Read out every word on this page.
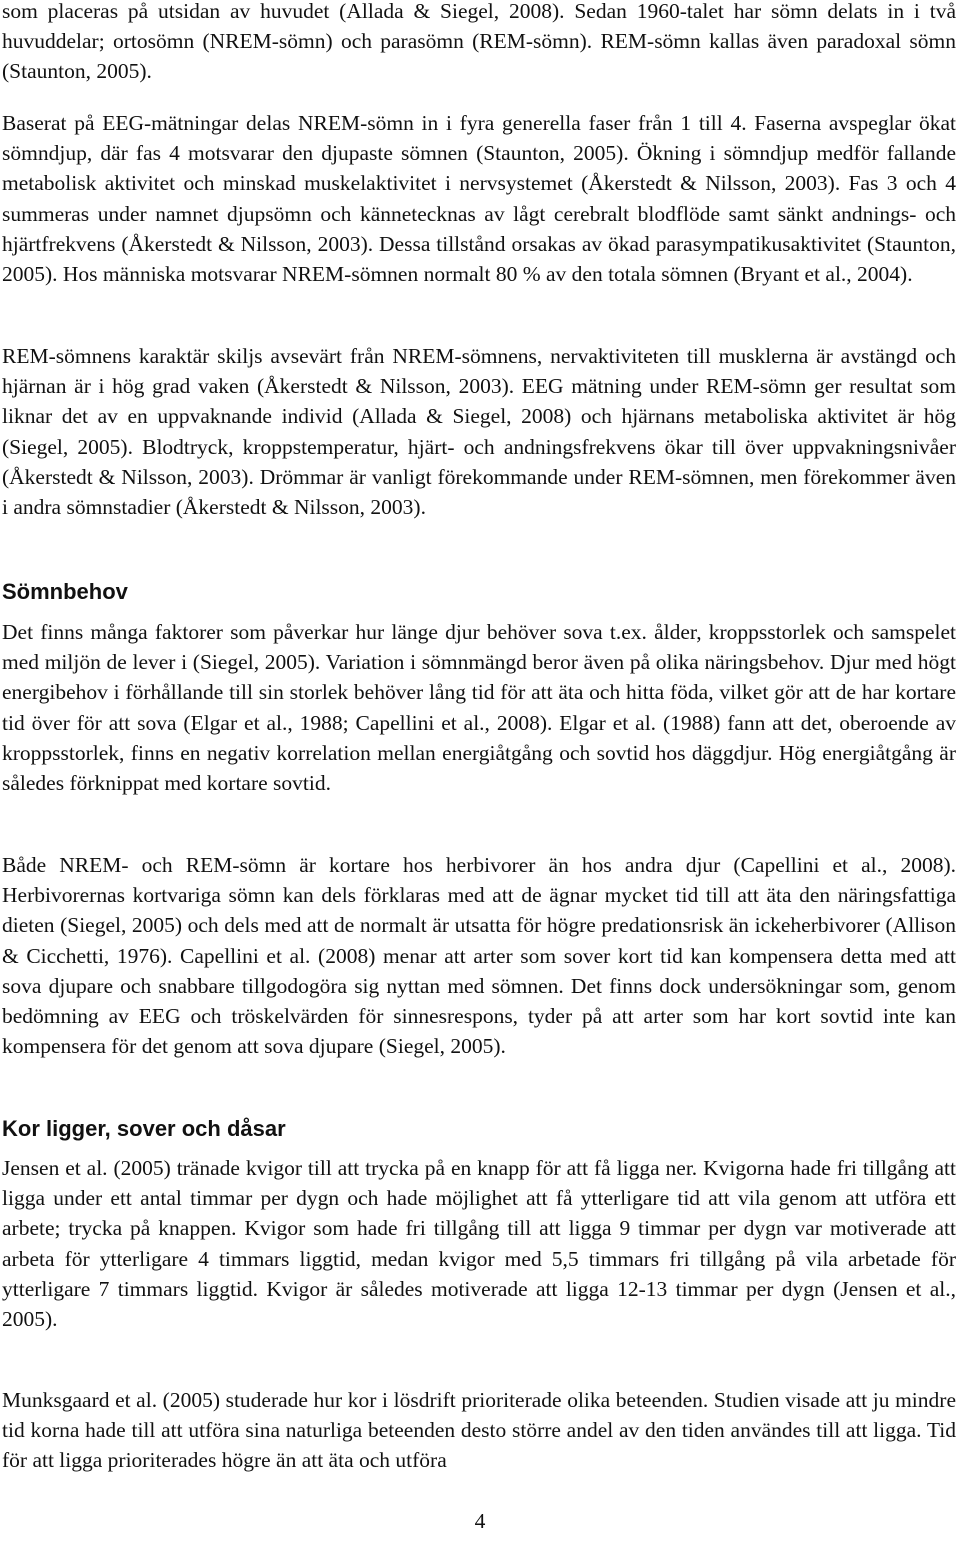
som placeras på utsidan av huvudet (Allada & Siegel, 2008). Sedan 1960-talet har sömn delats in i två huvuddelar; ortosömn (NREM-sömn) och parasömn (REM-sömn). REM-sömn kallas även paradoxal sömn (Staunton, 2005).

Baserat på EEG-mätningar delas NREM-sömn in i fyra generella faser från 1 till 4. Faserna avspeglar ökat sömndjup, där fas 4 motsvarar den djupaste sömnen (Staunton, 2005). Ökning i sömndjup medför fallande metabolisk aktivitet och minskad muskelaktivitet i nervsystemet (Åkerstedt & Nilsson, 2003). Fas 3 och 4 summeras under namnet djupsömn och kännetecknas av lågt cerebralt blodflöde samt sänkt andnings- och hjärtfrekvens (Åkerstedt & Nilsson, 2003). Dessa tillstånd orsakas av ökad parasympatikusaktivitet (Staunton, 2005). Hos människa motsvarar NREM-sömnen normalt 80 % av den totala sömnen (Bryant et al., 2004).

REM-sömnens karaktär skiljs avsevärt från NREM-sömnens, nervaktiviteten till musklerna är avstängd och hjärnan är i hög grad vaken (Åkerstedt & Nilsson, 2003). EEG mätning under REM-sömn ger resultat som liknar det av en uppvaknande individ (Allada & Siegel, 2008) och hjärnans metaboliska aktivitet är hög (Siegel, 2005). Blodtryck, kroppstemperatur, hjärt- och andningsfrekvens ökar till över uppvakningsnivåer (Åkerstedt & Nilsson, 2003). Drömmar är vanligt förekommande under REM-sömnen, men förekommer även i andra sömnstadier (Åkerstedt & Nilsson, 2003).

Sömnbehov

Det finns många faktorer som påverkar hur länge djur behöver sova t.ex. ålder, kroppsstorlek och samspelet med miljön de lever i (Siegel, 2005). Variation i sömnmängd beror även på olika näringsbehov. Djur med högt energibehov i förhållande till sin storlek behöver lång tid för att äta och hitta föda, vilket gör att de har kortare tid över för att sova (Elgar et al., 1988; Capellini et al., 2008). Elgar et al. (1988) fann att det, oberoende av kroppsstorlek, finns en negativ korrelation mellan energiåtgång och sovtid hos däggdjur. Hög energiåtgång är således förknippat med kortare sovtid.

Både NREM- och REM-sömn är kortare hos herbivorer än hos andra djur (Capellini et al., 2008). Herbivorernas kortvariga sömn kan dels förklaras med att de ägnar mycket tid till att äta den näringsfattiga dieten (Siegel, 2005) och dels med att de normalt är utsatta för högre predationsrisk än ickeherbivorer (Allison & Cicchetti, 1976). Capellini et al. (2008) menar att arter som sover kort tid kan kompensera detta med att sova djupare och snabbare tillgodogöra sig nyttan med sömnen. Det finns dock undersökningar som, genom bedömning av EEG och tröskelvärden för sinnesrespons, tyder på att arter som har kort sovtid inte kan kompensera för det genom att sova djupare (Siegel, 2005).

Kor ligger, sover och dåsar

Jensen et al. (2005) tränade kvigor till att trycka på en knapp för att få ligga ner. Kvigorna hade fri tillgång att ligga under ett antal timmar per dygn och hade möjlighet att få ytterligare tid att vila genom att utföra ett arbete; trycka på knappen. Kvigor som hade fri tillgång till att ligga 9 timmar per dygn var motiverade att arbeta för ytterligare 4 timmars liggtid, medan kvigor med 5,5 timmars fri tillgång på vila arbetade för ytterligare 7 timmars liggtid. Kvigor är således motiverade att ligga 12-13 timmar per dygn (Jensen et al., 2005).

Munksgaard et al. (2005) studerade hur kor i lösdrift prioriterade olika beteenden. Studien visade att ju mindre tid korna hade till att utföra sina naturliga beteenden desto större andel av den tiden användes till att ligga. Tid för att ligga prioriterades högre än att äta och utföra

4
